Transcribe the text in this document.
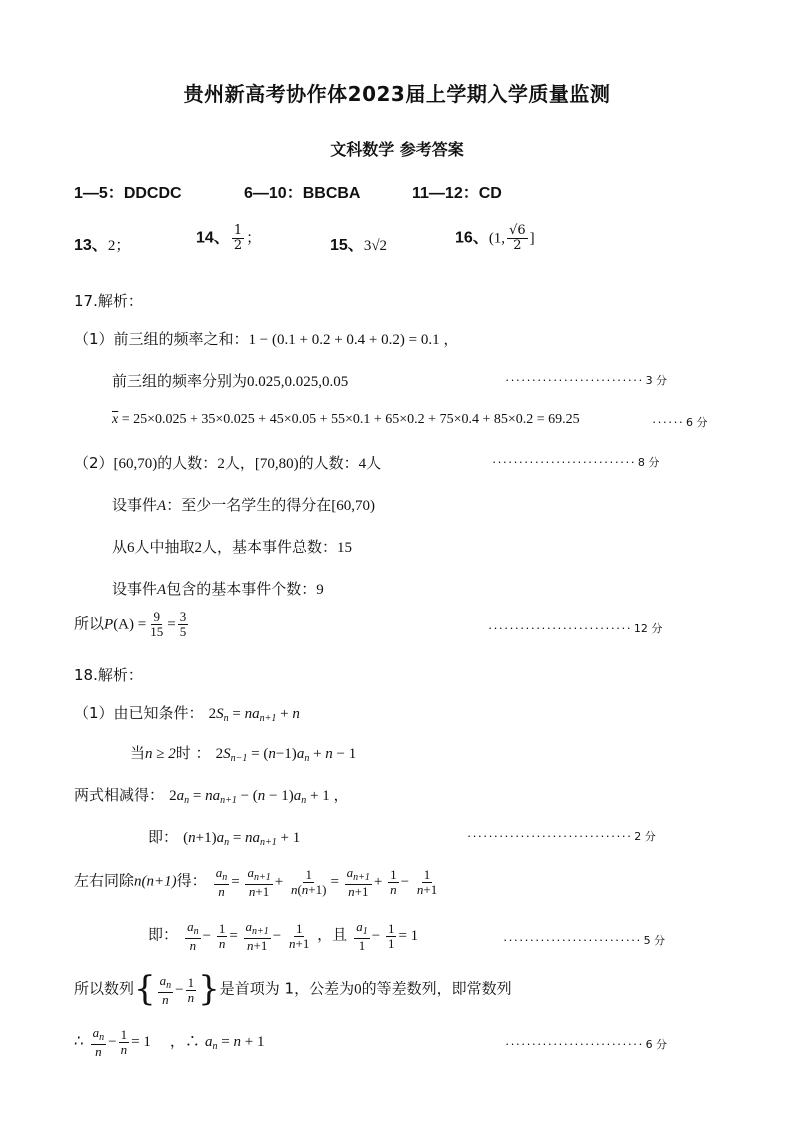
贵州新高考协作体2023届上学期入学质量监测
文科数学 参考答案
1—5：DDCDC	6—10：BBCBA	11—12：CD
13、2；	14、 $\frac{1}{2}$ ；	15、3√2	16、(1, $\frac{√6}{2}$ ]
17.解析：
（1）前三组的频率之和：1 − (0.1 + 0.2 + 0.4 + 0.2) = 0.1 ，
前三组的频率分别为0.025,0.025,0.05	·························· 3 分
$\overline{x} = 25\times 0.025 + 35\times 0.025 + 45\times 0.05 + 55\times 0.1 + 65\times 0.2 + 75\times 0.4 + 85\times 0.2 = 69.25$	······ 6 分
（2）[60,70)的人数：2人，[70,80)的人数：4人	··························· 8 分
设事件A：至少一名学生的得分在[60,70)
从6人中抽取2人，基本事件总数：15
设事件A包含的基本事件个数：9
所以$P(A) = \frac{9}{15} = \frac{3}{5}$	··························· 12 分
18.解析：
（1）由已知条件： $2S_n = na_{n+1} + n$
当n ≥ 2时 ： $2S_{n-1} = (n-1)a_n + n - 1$
两式相减得： $2a_n = na_{n+1} - (n - 1)a_n + 1$ ，
即： $(n+1)a_n = na_{n+1} + 1$	······························· 2 分
左右同除n(n+1)得： $\frac{a_n}{n} = \frac{a_{n+1}}{n+1} + \frac{1}{n(n+1)} = \frac{a_{n+1}}{n+1} + \frac{1}{n} - \frac{1}{n+1}$
即： $\frac{a_n}{n} - \frac{1}{n} = \frac{a_{n+1}}{n+1} - \frac{1}{n+1}$ ，且 $\frac{a_1}{1} - \frac{1}{1} = 1$	·························· 5 分
所以数列{ $\frac{a_n}{n} - \frac{1}{n}$ }是首项为 1，公差为0的等差数列，即常数列
∴ $\frac{a_n}{n} - \frac{1}{n} = 1$ ，∴ $a_n = n + 1$	·························· 6 分
